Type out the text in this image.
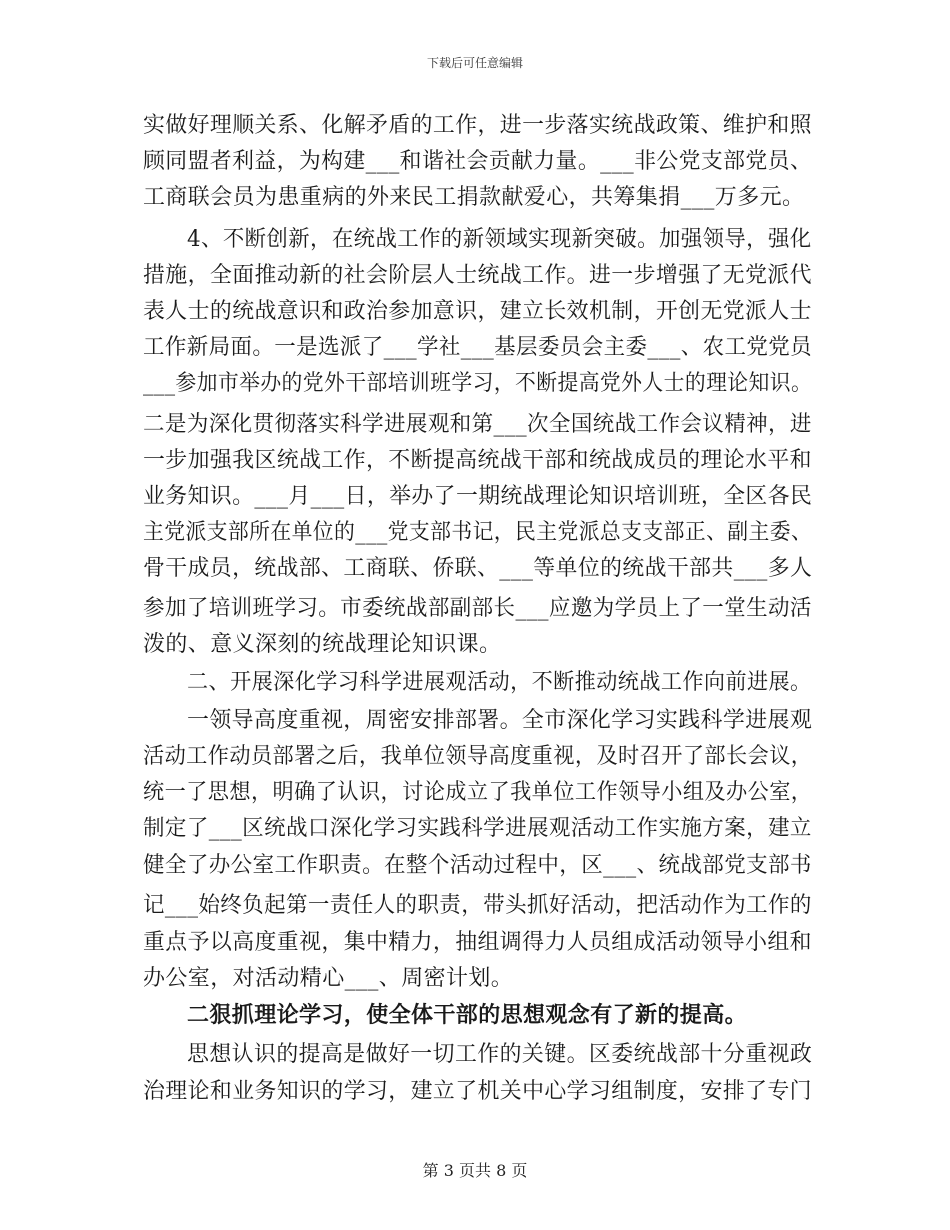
下载后可任意编辑
实做好理顺关系、化解矛盾的工作，进一步落实统战政策、维护和照
顾同盟者利益，为构建___和谐社会贡献力量。___非公党支部党员、
工商联会员为患重病的外来民工捐款献爱心，共筹集捐___万多元。
4、不断创新，在统战工作的新领域实现新突破。加强领导，强化
措施，全面推动新的社会阶层人士统战工作。进一步增强了无党派代
表人士的统战意识和政治参加意识，建立长效机制，开创无党派人士
工作新局面。一是选派了___学社___基层委员会主委___、农工党党员
___参加市举办的党外干部培训班学习，不断提高党外人士的理论知识。
二是为深化贯彻落实科学进展观和第___次全国统战工作会议精神，进
一步加强我区统战工作，不断提高统战干部和统战成员的理论水平和
业务知识。___月___日，举办了一期统战理论知识培训班，全区各民
主党派支部所在单位的___党支部书记，民主党派总支支部正、副主委、
骨干成员，统战部、工商联、侨联、___等单位的统战干部共___多人
参加了培训班学习。市委统战部副部长___应邀为学员上了一堂生动活
泼的、意义深刻的统战理论知识课。
二、开展深化学习科学进展观活动，不断推动统战工作向前进展。
一领导高度重视，周密安排部署。全市深化学习实践科学进展观
活动工作动员部署之后，我单位领导高度重视，及时召开了部长会议，
统一了思想，明确了认识，讨论成立了我单位工作领导小组及办公室，
制定了___区统战口深化学习实践科学进展观活动工作实施方案，建立
健全了办公室工作职责。在整个活动过程中，区___、统战部党支部书
记___始终负起第一责任人的职责，带头抓好活动，把活动作为工作的
重点予以高度重视，集中精力，抽组调得力人员组成活动领导小组和
办公室，对活动精心___、周密计划。
二狠抓理论学习，使全体干部的思想观念有了新的提高。
思想认识的提高是做好一切工作的关键。区委统战部十分重视政
治理论和业务知识的学习，建立了机关中心学习组制度，安排了专门
第 3 页共 8 页
